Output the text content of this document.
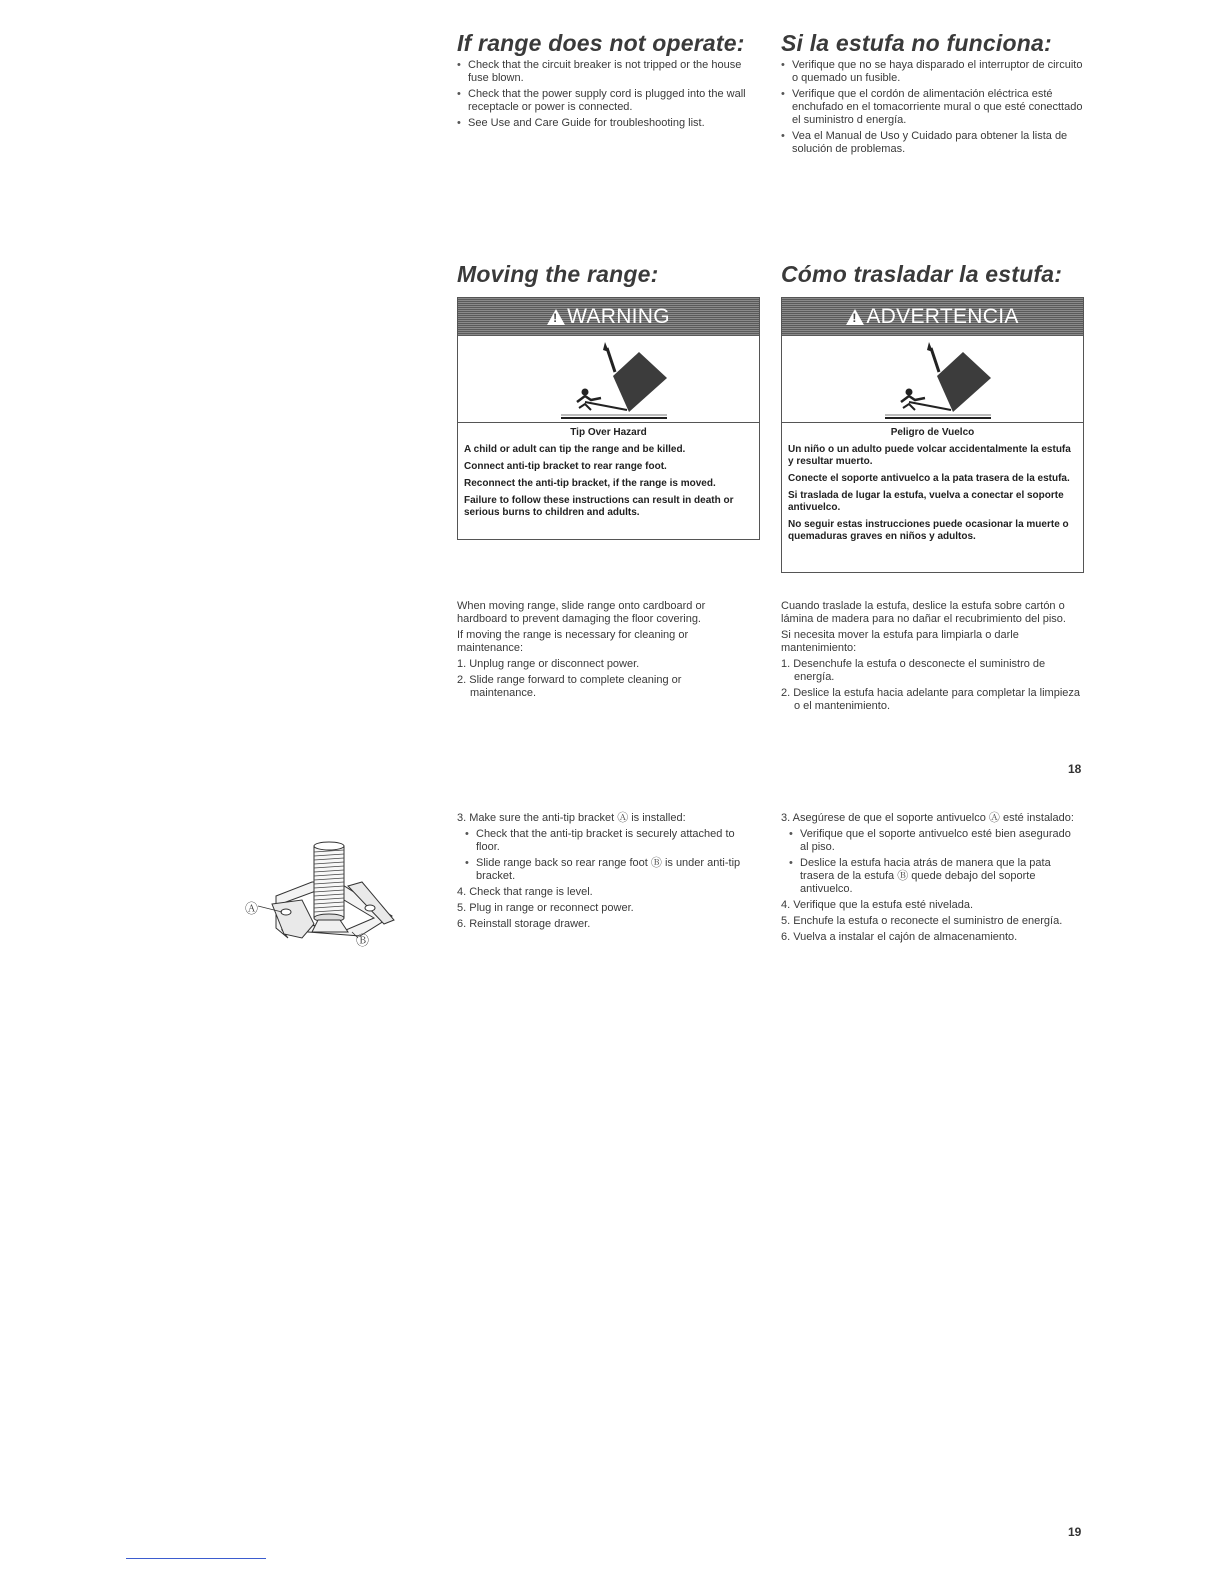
If range does not operate: Si la estufa no funciona:
• Check that the circuit breaker is not tripped or the house fuse blown.
• Check that the power supply cord is plugged into the wall receptacle or power is connected.
• See Use and Care Guide for troubleshooting list.
• Verifique que no se haya disparado el interruptor de circuito o quemado un fusible.
• Verifique que el cordón de alimentación eléctrica esté enchufado en el tomacorriente mural o que esté conecttado el suministro d energía.
• Vea el Manual de Uso y Cuidado para obtener la lista de solución de problemas.
Moving the range:	Cómo trasladar la estufa:
!
WARNING
Tip Over Hazard

A child or adult can tip the range and be killed.

Connect anti-tip bracket to rear range foot.

Reconnect the anti-tip bracket, if the range is moved.

Failure to follow these instructions can result in death or serious burns to children and adults.

!
ADVERTENCIA
Peligro de Vuelco

Un niño o un adulto puede volcar accidentalmente la estufa y resultar muerto.

Conecte el soporte antivuelco a la pata trasera de la estufa.

Si traslada de lugar la estufa, vuelva a conectar el soporte antivuelco.

No seguir estas instrucciones puede ocasionar la muerte o quemaduras graves en niños y adultos.

When moving range, slide range onto cardboard or hardboard to prevent damaging the floor covering.

If moving the range is necessary for cleaning or maintenance:

1. Unplug range or disconnect power.
2. Slide range forward to complete cleaning or maintenance.

Cuando traslade la estufa, deslice la estufa sobre cartón o lámina de madera para no dañar el recubrimiento del piso.

Si necesita mover la estufa para limpiarla o darle mantenimiento:

1. Desenchufe la estufa o desconecte el suministro de energía.
2. Deslice la estufa hacia adelante para completar la limpieza o el mantenimiento.
18
Ⓐ
Ⓑ

3. Make sure the anti-tip bracket Ⓐ is installed:

• Check that the anti-tip bracket is securely attached to floor.
• Slide range back so rear range foot Ⓑ is under anti-tip bracket.
4. Check that range is level.
5. Plug in range or reconnect power.
6. Reinstall storage drawer.

3. Asegúrese de que el soporte antivuelco Ⓐ esté instalado:

• Verifique que el soporte antivuelco esté bien asegurado al piso.
• Deslice la estufa hacia atrás de manera que la pata trasera de la estufa Ⓑ quede debajo del soporte antivuelco.
4. Verifique que la estufa esté nivelada.
5. Enchufe la estufa o reconecte el suministro de energía.
6. Vuelva a instalar el cajón de almacenamiento.
19
